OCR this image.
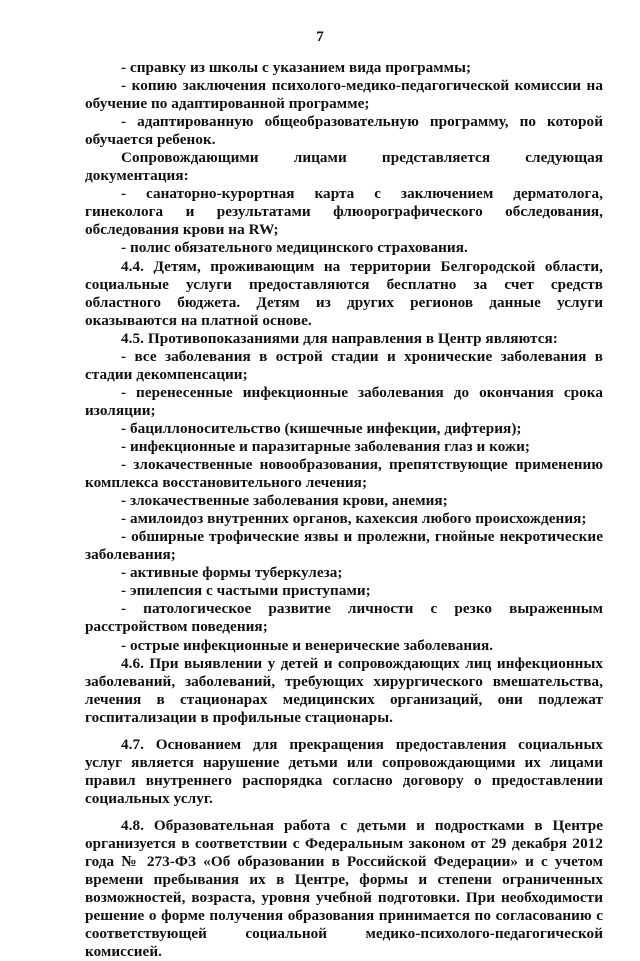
7

- справку из школы с указанием вида программы;

- копию заключения психолого-медико-педагогической комиссии на обучение по адаптированной программе;

- адаптированную общеобразовательную программу, по которой обучается ребенок.

Сопровождающими лицами представляется следующая документация:

- санаторно-курортная карта с заключением дерматолога, гинеколога и результатами флюорографического обследования, обследования крови на RW;

- полис обязательного медицинского страхования.

4.4. Детям, проживающим на территории Белгородской области, социальные услуги предоставляются бесплатно за счет средств областного бюджета. Детям из других регионов данные услуги оказываются на платной основе.

4.5. Противопоказаниями для направления в Центр являются:

- все заболевания в острой стадии и хронические заболевания в стадии декомпенсации;

- перенесенные инфекционные заболевания до окончания срока изоляции;

- бациллоносительство (кишечные инфекции, дифтерия);

- инфекционные и паразитарные заболевания глаз и кожи;

- злокачественные новообразования, препятствующие применению комплекса восстановительного лечения;

- злокачественные заболевания крови, анемия;

- амилоидоз внутренних органов, кахексия любого происхождения;

- обширные трофические язвы и пролежни, гнойные некротические заболевания;

- активные формы туберкулеза;

- эпилепсия с частыми приступами;

- патологическое развитие личности с резко выраженным расстройством поведения;

- острые инфекционные и венерические заболевания.

4.6. При выявлении у детей и сопровождающих лиц инфекционных заболеваний, заболеваний, требующих хирургического вмешательства, лечения в стационарах медицинских организаций, они подлежат госпитализации в профильные стационары.

4.7. Основанием для прекращения предоставления социальных услуг является нарушение детьми или сопровождающими их лицами правил внутреннего распорядка согласно договору о предоставлении социальных услуг.

4.8. Образовательная работа с детьми и подростками в Центре организуется в соответствии с Федеральным законом от 29 декабря 2012 года № 273-ФЗ «Об образовании в Российской Федерации» и с учетом времени пребывания их в Центре, формы и степени ограниченных возможностей, возраста, уровня учебной подготовки. При необходимости решение о форме получения образования принимается по согласованию с соответствующей социальной медико-психолого-педагогической комиссией.
